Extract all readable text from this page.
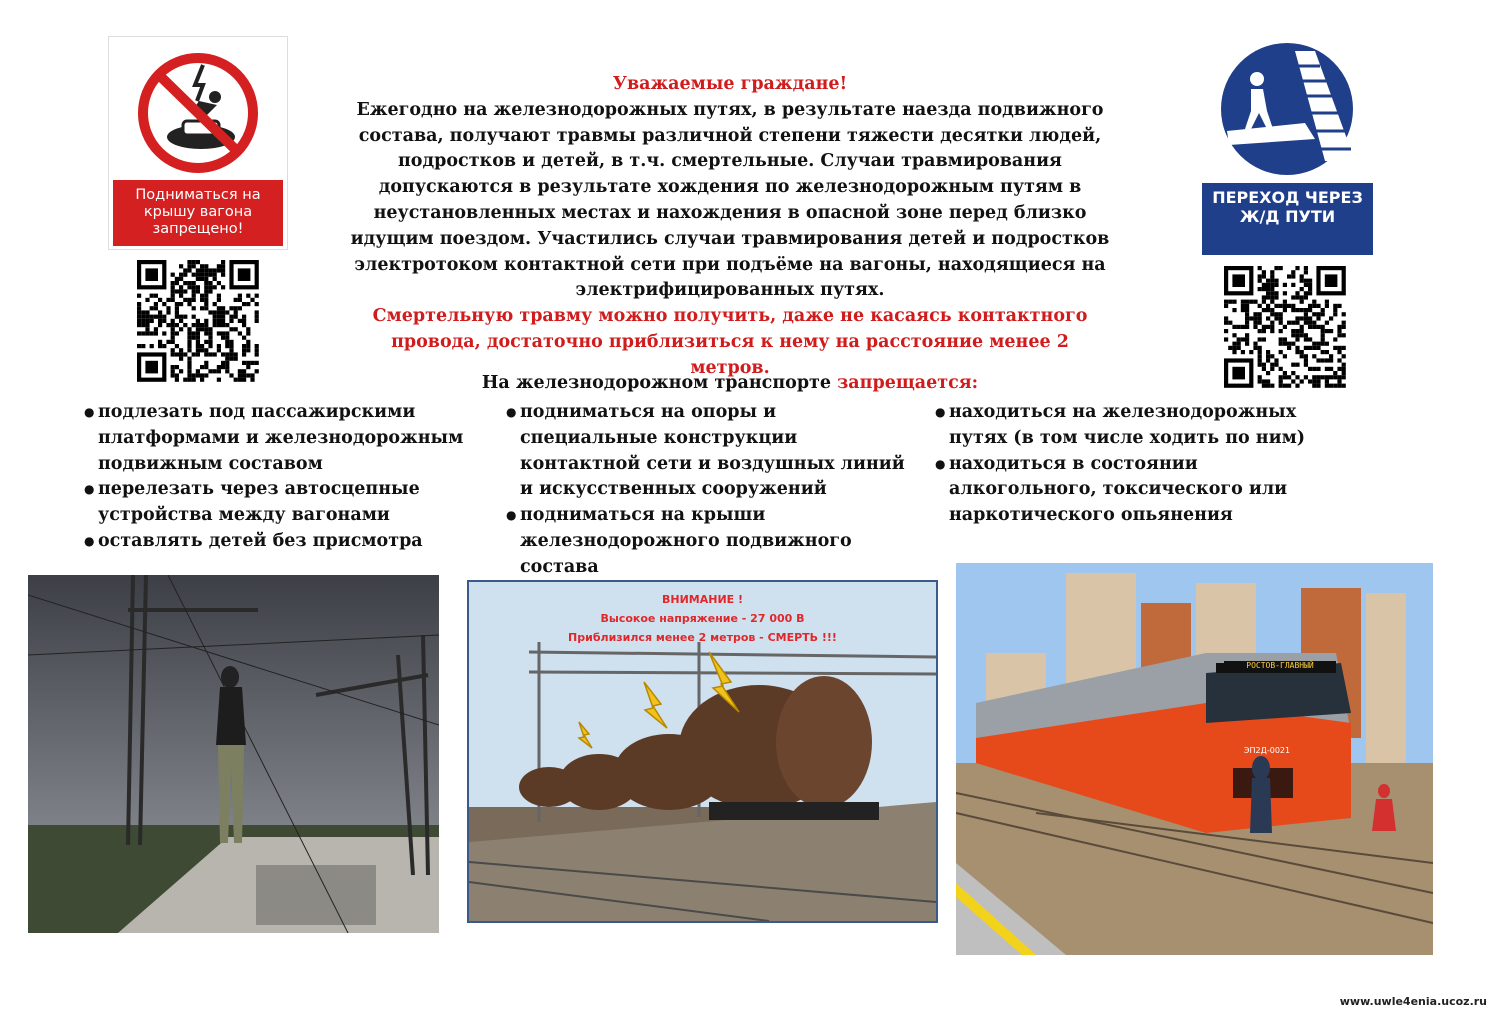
Подниматься на крышу вагона запрещено!
ПЕРЕХОД ЧЕРЕЗ Ж/Д ПУТИ
Уважаемые граждане!
Ежегодно на железнодорожных путях, в результате наезда подвижного состава, получают травмы различной степени тяжести десятки людей, подростков и детей, в т.ч. смертельные. Случаи травмирования допускаются в результате хождения по железнодорожным путям в неустановленных местах и нахождения в опасной зоне перед близко идущим поездом. Участились случаи травмирования детей и подростков электротоком контактной сети при подъёме на вагоны, находящиеся на электрифицированных путях.
Смертельную травму можно получить, даже не касаясь контактного провода, достаточно приблизиться к нему на расстояние менее 2 метров.
На железнодорожном транспорте запрещается:
● подлезать под пассажирскими платформами и железнодорожным подвижным составом
● перелезать через автосцепные устройства между вагонами
● оставлять детей без присмотра
● подниматься на опоры и специальные конструкции контактной сети и воздушных линий и искусственных сооружений
● подниматься на крыши железнодорожного подвижного состава
● находиться на железнодорожных путях (в том числе ходить по ним)
● находиться в состоянии алкогольного, токсического или наркотического опьянения
ВНИМАНИЕ !
Высокое напряжение - 27 000 В
Приблизился менее 2 метров - СМЕРТЬ !!!
РОСТОВ-ГЛАВНЫЙ
ЭП2Д-0021
www.uwle4enia.ucoz.ru
